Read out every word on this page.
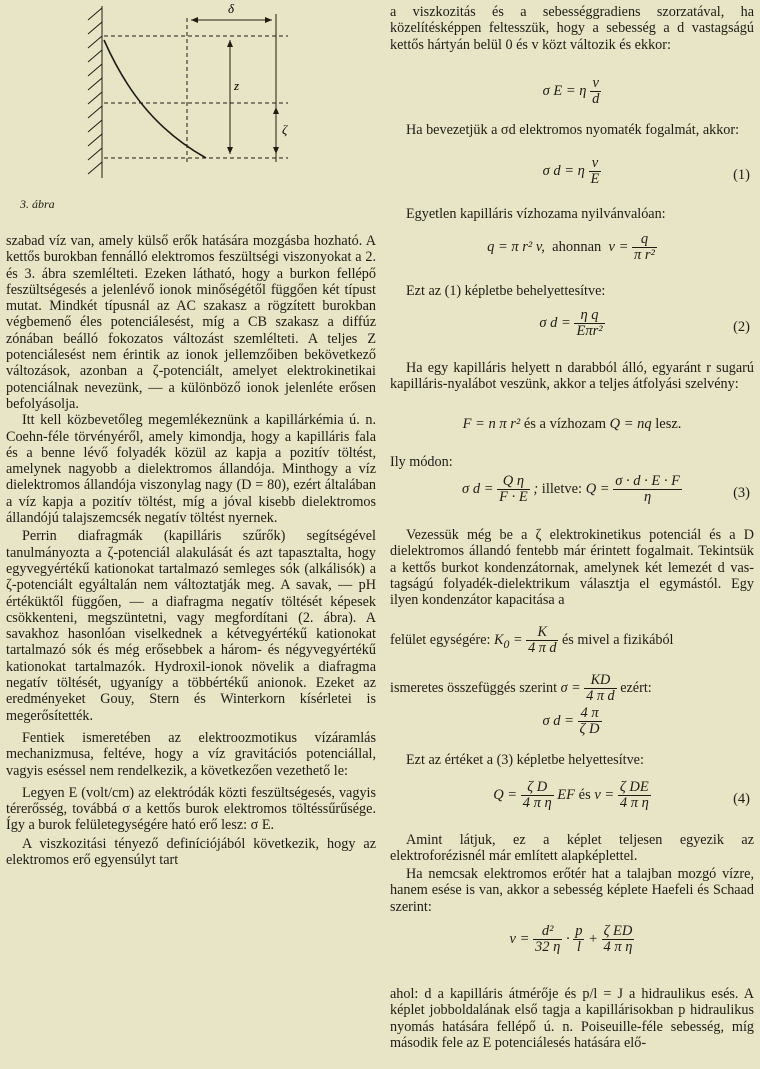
δ
z
ζ
3. ábra

szabad víz van, amely külső erők hatására mozgásba hozható. A kettős burokban fennálló elektromos feszültségi viszonyokat a 2. és 3. ábra szemlélteti. Ezeken látható, hogy a burkon fellépő feszültségesés a jelenlévő ionok minőségétől függően két típust mutat. Mindkét típusnál az AC szakasz a rögzített burokban végbemenő éles potenciálesést, míg a CB szakasz a diffúz zónában beálló fokozatos változást szemlélteti. A teljes Z potenciálesést nem érintik az ionok jellemzőiben bekövetkező változások, azonban a ζ-potenciált, amelyet elektrokinetikai potenciálnak nevezünk, — a különböző ionok jelenléte erősen befolyásolja.

Itt kell közbevetőleg megemlékeznünk a kapillárkémia ú. n. Coehn-féle törvényéről, amely kimondja, hogy a kapilláris fala és a benne lévő folyadék közül az kapja a pozitív töltést, amelynek nagyobb a dielektromos állandója. Minthogy a víz dielektromos állandója viszonylag nagy (D = 80), ezért általában a víz kapja a pozitív töltést, míg a jóval kisebb dielektromos állandójú talajszemcsék negatív töltést nyernek.

Perrin diafragmák (kapilláris szűrők) segítségével tanulmányozta a ζ-potenciál alakulását és azt tapasztalta, hogy egyvegyértékű kationokat tartalmazó semleges sók (alkálisók) a ζ-potenciált egyáltalán nem változtatják meg. A savak, — pH értéküktől függően, — a diafragma negatív töltését képesek csökkenteni, megszüntetni, vagy megfordítani (2. ábra). A savakhoz hasonlóan viselkednek a kétvegyértékű kationokat tartalmazó sók és még erősebbek a három- és négyvegyértékű kationokat tartalmazók. Hydroxil-ionok növelik a diafragma negatív töltését, ugyanígy a többértékű anionok. Ezeket az eredményeket Gouy, Stern és Winterkorn kísérletei is megerősítették.

Fentiek ismeretében az elektroozmotikus vízáramlás mechanizmusa, feltéve, hogy a víz gravitációs potenciállal, vagyis eséssel nem rendelkezik, a következően vezethető le:

Legyen E (volt/cm) az elektródák közti feszültségesés, vagyis térerősség, továbbá σ a kettős burok elektromos töltéssűrűsége. Így a burok felületegységére ható erő lesz: σ E.

A viszkozitási tényező definíciójából következik, hogy az elektromos erő egyensúlyt tart

a viszkozitás és a sebességgradiens szorzatával, ha közelítésképpen feltesszük, hogy a sebesség a d vastagságú kettős hártyán belül 0 és v közt változik és ekkor:

σ E = η $\frac{v}{d}$

Ha bevezetjük a σd elektromos nyomaték fogalmát, akkor:

σ d = η $\frac{v}{E}$	(1)

Egyetlen kapilláris vízhozama nyilvánvalóan:

q = π r² v,  ahonnan  $v = \frac{q}{\text{π r²}}$

Ezt az (1) képletbe behelyettesítve:

σ $d = \frac{\text{η q}}{\text{Eπr²}}$	(2)

Ha egy kapilláris helyett n darabból álló, egyaránt r sugarú kapilláris-nyalábot veszünk, akkor a teljes átfolyási szelvény:

F = n π r² és a vízhozam Q = nq lesz.

Ily módon:

σ $d = \frac{\text{Q η}}{F \cdot E}$ ; illetve: $Q = \frac{\sigma \cdot d \cdot E \cdot F}{\eta}$	(3)

Vezessük még be a ζ elektrokinetikus potenciál és a D dielektromos állandó fentebb már érintett fogalmait. Tekintsük a kettős burkot kondenzátornak, amelynek két lemezét d vastagságú folyadék-dielektrikum választja el egymástól. Egy ilyen kondenzátor kapacitása a

felület egységére: $K_0 = \frac{K}{\text{4 π d}}$ és mivel a fizikából
ismeretes összefüggés szerint $\sigma = \frac{KD}{\text{4 π d}}$ ezért:
σ $d = \frac{4 \pi}{\text{ζ D}}$

Ezt az értéket a (3) képletbe helyettesítve:

$Q = \frac{\text{ζ D}}{\text{4 π η}}$ EF és $v = \frac{\text{ζ DE}}{\text{4 π η}}$	(4)

Amint látjuk, ez a képlet teljesen egyezik az elektroforézisnél már említett alapképlettel.

Ha nemcsak elektromos erőtér hat a talajban mozgó vízre, hanem esése is van, akkor a sebesség képlete Haefeli és Schaad szerint:

$v = \frac{\text{d²}}{32 \eta} \cdot \frac{p}{l} + \frac{\text{ζ ED}}{\text{4 π η}}$

ahol: d a kapilláris átmérője és p/l = J a hidraulikus esés. A képlet jobboldalának első tagja a kapillárisokban p hidraulikus nyomás hatására fellépő ú. n. Poiseuille-féle sebesség, míg második fele az E potenciálesés hatására elő-
